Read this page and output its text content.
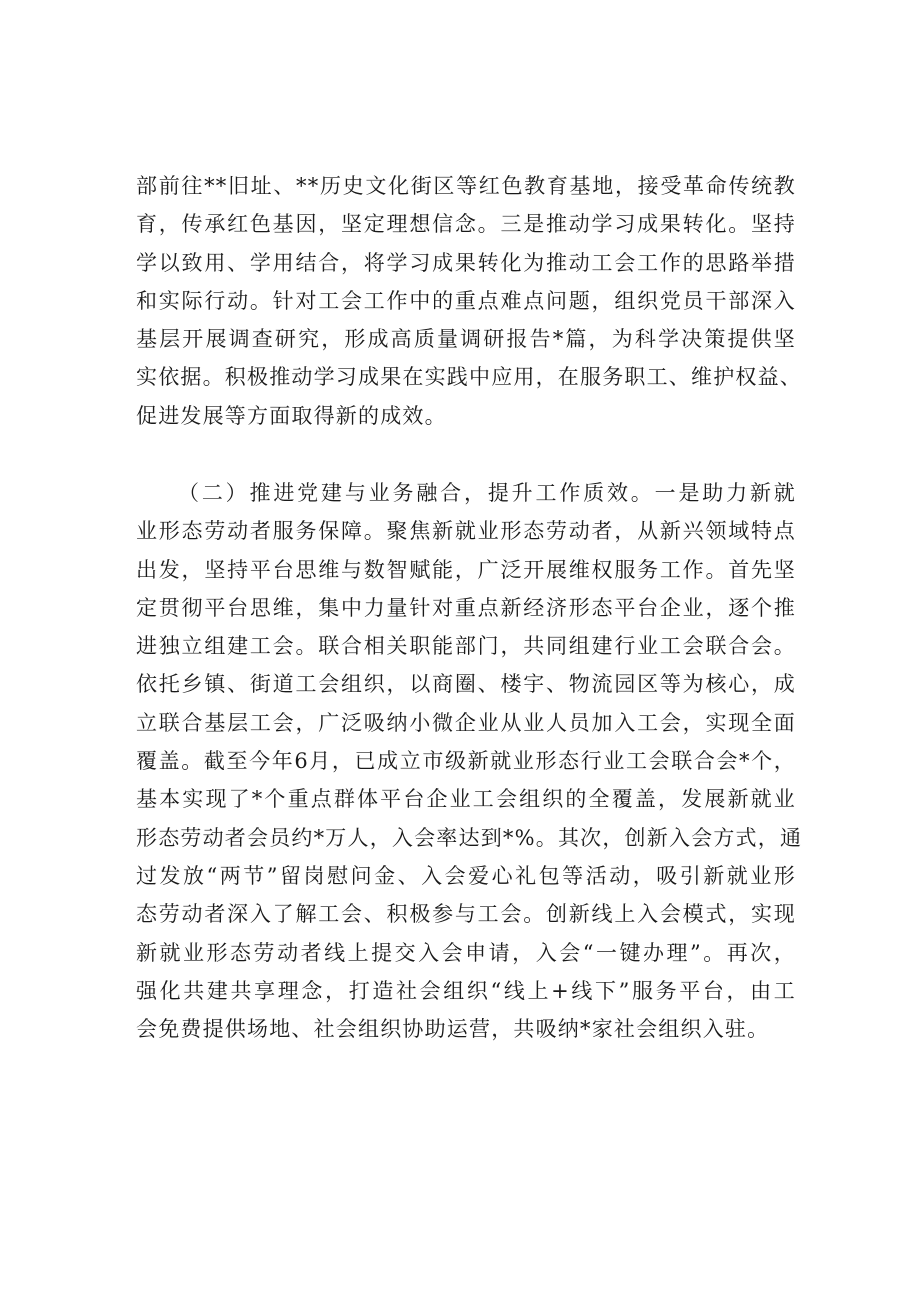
部前往**旧址、**历史文化街区等红色教育基地，接受革命传统教
育，传承红色基因，坚定理想信念。三是推动学习成果转化。坚持
学以致用、学用结合，将学习成果转化为推动工会工作的思路举措
和实际行动。针对工会工作中的重点难点问题，组织党员干部深入
基层开展调查研究，形成高质量调研报告*篇，为科学决策提供坚
实依据。积极推动学习成果在实践中应用，在服务职工、维护权益、
促进发展等方面取得新的成效。
（二）推进党建与业务融合，提升工作质效。一是助力新就
业形态劳动者服务保障。聚焦新就业形态劳动者，从新兴领域特点
出发，坚持平台思维与数智赋能，广泛开展维权服务工作。首先坚
定贯彻平台思维，集中力量针对重点新经济形态平台企业，逐个推
进独立组建工会。联合相关职能部门，共同组建行业工会联合会。
依托乡镇、街道工会组织，以商圈、楼宇、物流园区等为核心，成
立联合基层工会，广泛吸纳小微企业从业人员加入工会，实现全面
覆盖。截至今年6月，已成立市级新就业形态行业工会联合会*个，
基本实现了*个重点群体平台企业工会组织的全覆盖，发展新就业
形态劳动者会员约*万人，入会率达到*%。其次，创新入会方式，通
过发放“两节”留岗慰问金、入会爱心礼包等活动，吸引新就业形
态劳动者深入了解工会、积极参与工会。创新线上入会模式，实现
新就业形态劳动者线上提交入会申请，入会“一键办理”。再次，
强化共建共享理念，打造社会组织“线上+线下”服务平台，由工
会免费提供场地、社会组织协助运营，共吸纳*家社会组织入驻。
